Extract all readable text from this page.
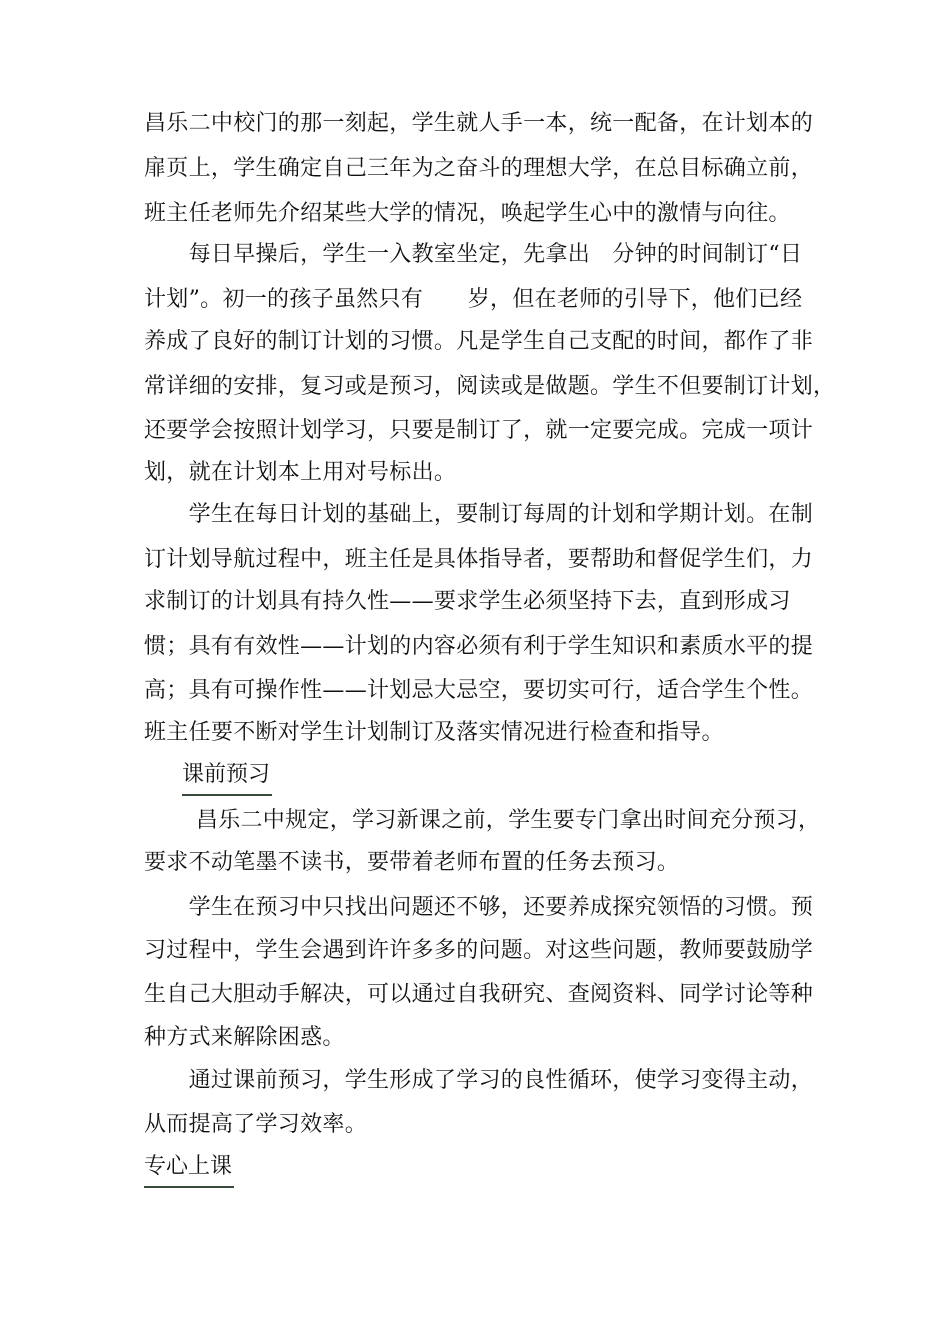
昌乐二中校门的那一刻起，学生就人手一本，统一配备，在计划本的
扉页上，学生确定自己三年为之奋斗的理想大学，在总目标确立前，
班主任老师先介绍某些大学的情况，唤起学生心中的激情与向往。
　　每日早操后，学生一入教室坐定，先拿出　分钟的时间制订“日
计划”。初一的孩子虽然只有　　岁，但在老师的引导下，他们已经
养成了良好的制订计划的习惯。凡是学生自己支配的时间，都作了非
常详细的安排，复习或是预习，阅读或是做题。学生不但要制订计划，
还要学会按照计划学习，只要是制订了，就一定要完成。完成一项计
划，就在计划本上用对号标出。
　　学生在每日计划的基础上，要制订每周的计划和学期计划。在制
订计划导航过程中，班主任是具体指导者，要帮助和督促学生们，力
求制订的计划具有持久性——要求学生必须坚持下去，直到形成习
惯；具有有效性——计划的内容必须有利于学生知识和素质水平的提
高；具有可操作性——计划忌大忌空，要切实可行，适合学生个性。
班主任要不断对学生计划制订及落实情况进行检查和指导。
课前预习
　　 昌乐二中规定，学习新课之前，学生要专门拿出时间充分预习，
要求不动笔墨不读书，要带着老师布置的任务去预习。
　　学生在预习中只找出问题还不够，还要养成探究领悟的习惯。预
习过程中，学生会遇到许许多多的问题。对这些问题，教师要鼓励学
生自己大胆动手解决，可以通过自我研究、查阅资料、同学讨论等种
种方式来解除困惑。
　　通过课前预习，学生形成了学习的良性循环，使学习变得主动，
从而提高了学习效率。
专心上课
